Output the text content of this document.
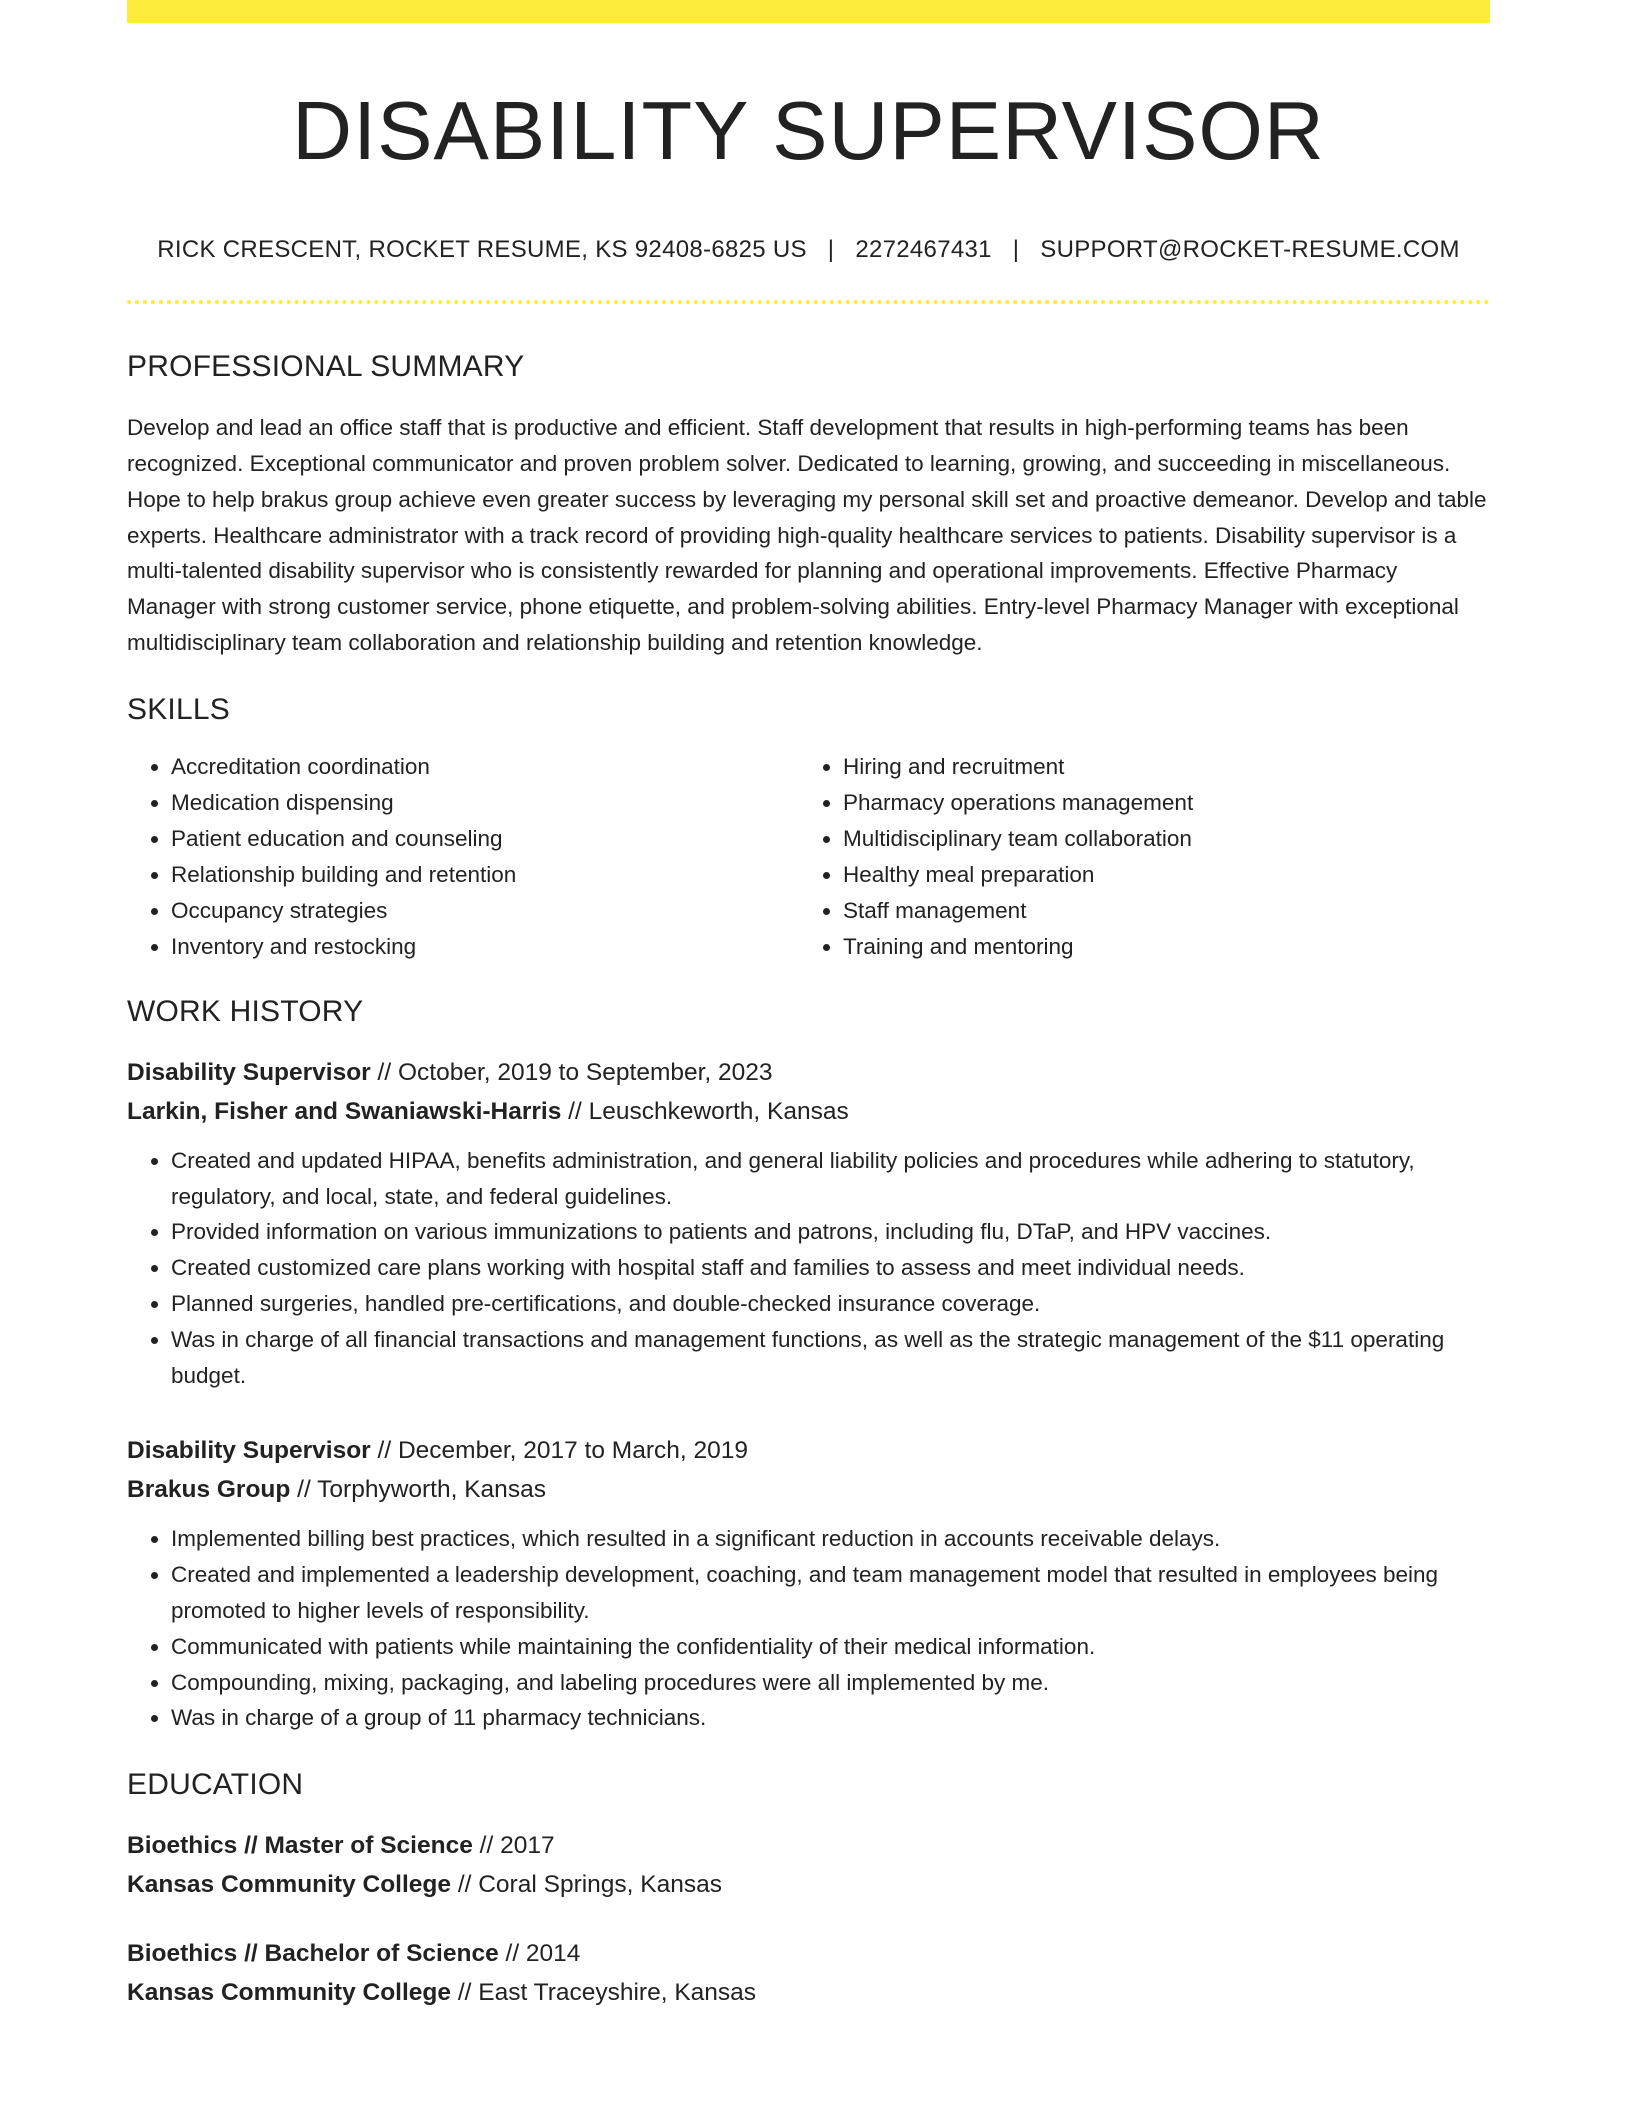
DISABILITY SUPERVISOR
RICK CRESCENT, ROCKET RESUME, KS 92408-6825 US | 2272467431 | SUPPORT@ROCKET-RESUME.COM
PROFESSIONAL SUMMARY

Develop and lead an office staff that is productive and efficient. Staff development that results in high-performing teams has been recognized. Exceptional communicator and proven problem solver. Dedicated to learning, growing, and succeeding in miscellaneous. Hope to help brakus group achieve even greater success by leveraging my personal skill set and proactive demeanor. Develop and table experts. Healthcare administrator with a track record of providing high-quality healthcare services to patients. Disability supervisor is a multi-talented disability supervisor who is consistently rewarded for planning and operational improvements. Effective Pharmacy Manager with strong customer service, phone etiquette, and problem-solving abilities. Entry-level Pharmacy Manager with exceptional multidisciplinary team collaboration and relationship building and retention knowledge.

SKILLS
• Accreditation coordination
• Medication dispensing
• Patient education and counseling
• Relationship building and retention
• Occupancy strategies
• Inventory and restocking
• Hiring and recruitment
• Pharmacy operations management
• Multidisciplinary team collaboration
• Healthy meal preparation
• Staff management
• Training and mentoring
WORK HISTORY
Disability Supervisor // October, 2019 to September, 2023
Larkin, Fisher and Swaniawski-Harris // Leuschkeworth, Kansas
• Created and updated HIPAA, benefits administration, and general liability policies and procedures while adhering to statutory, regulatory, and local, state, and federal guidelines.
• Provided information on various immunizations to patients and patrons, including flu, DTaP, and HPV vaccines.
• Created customized care plans working with hospital staff and families to assess and meet individual needs.
• Planned surgeries, handled pre-certifications, and double-checked insurance coverage.
• Was in charge of all financial transactions and management functions, as well as the strategic management of the $11 operating budget.
Disability Supervisor // December, 2017 to March, 2019
Brakus Group // Torphyworth, Kansas
• Implemented billing best practices, which resulted in a significant reduction in accounts receivable delays.
• Created and implemented a leadership development, coaching, and team management model that resulted in employees being promoted to higher levels of responsibility.
• Communicated with patients while maintaining the confidentiality of their medical information.
• Compounding, mixing, packaging, and labeling procedures were all implemented by me.
• Was in charge of a group of 11 pharmacy technicians.
EDUCATION
Bioethics // Master of Science // 2017
Kansas Community College // Coral Springs, Kansas
Bioethics // Bachelor of Science // 2014
Kansas Community College // East Traceyshire, Kansas
